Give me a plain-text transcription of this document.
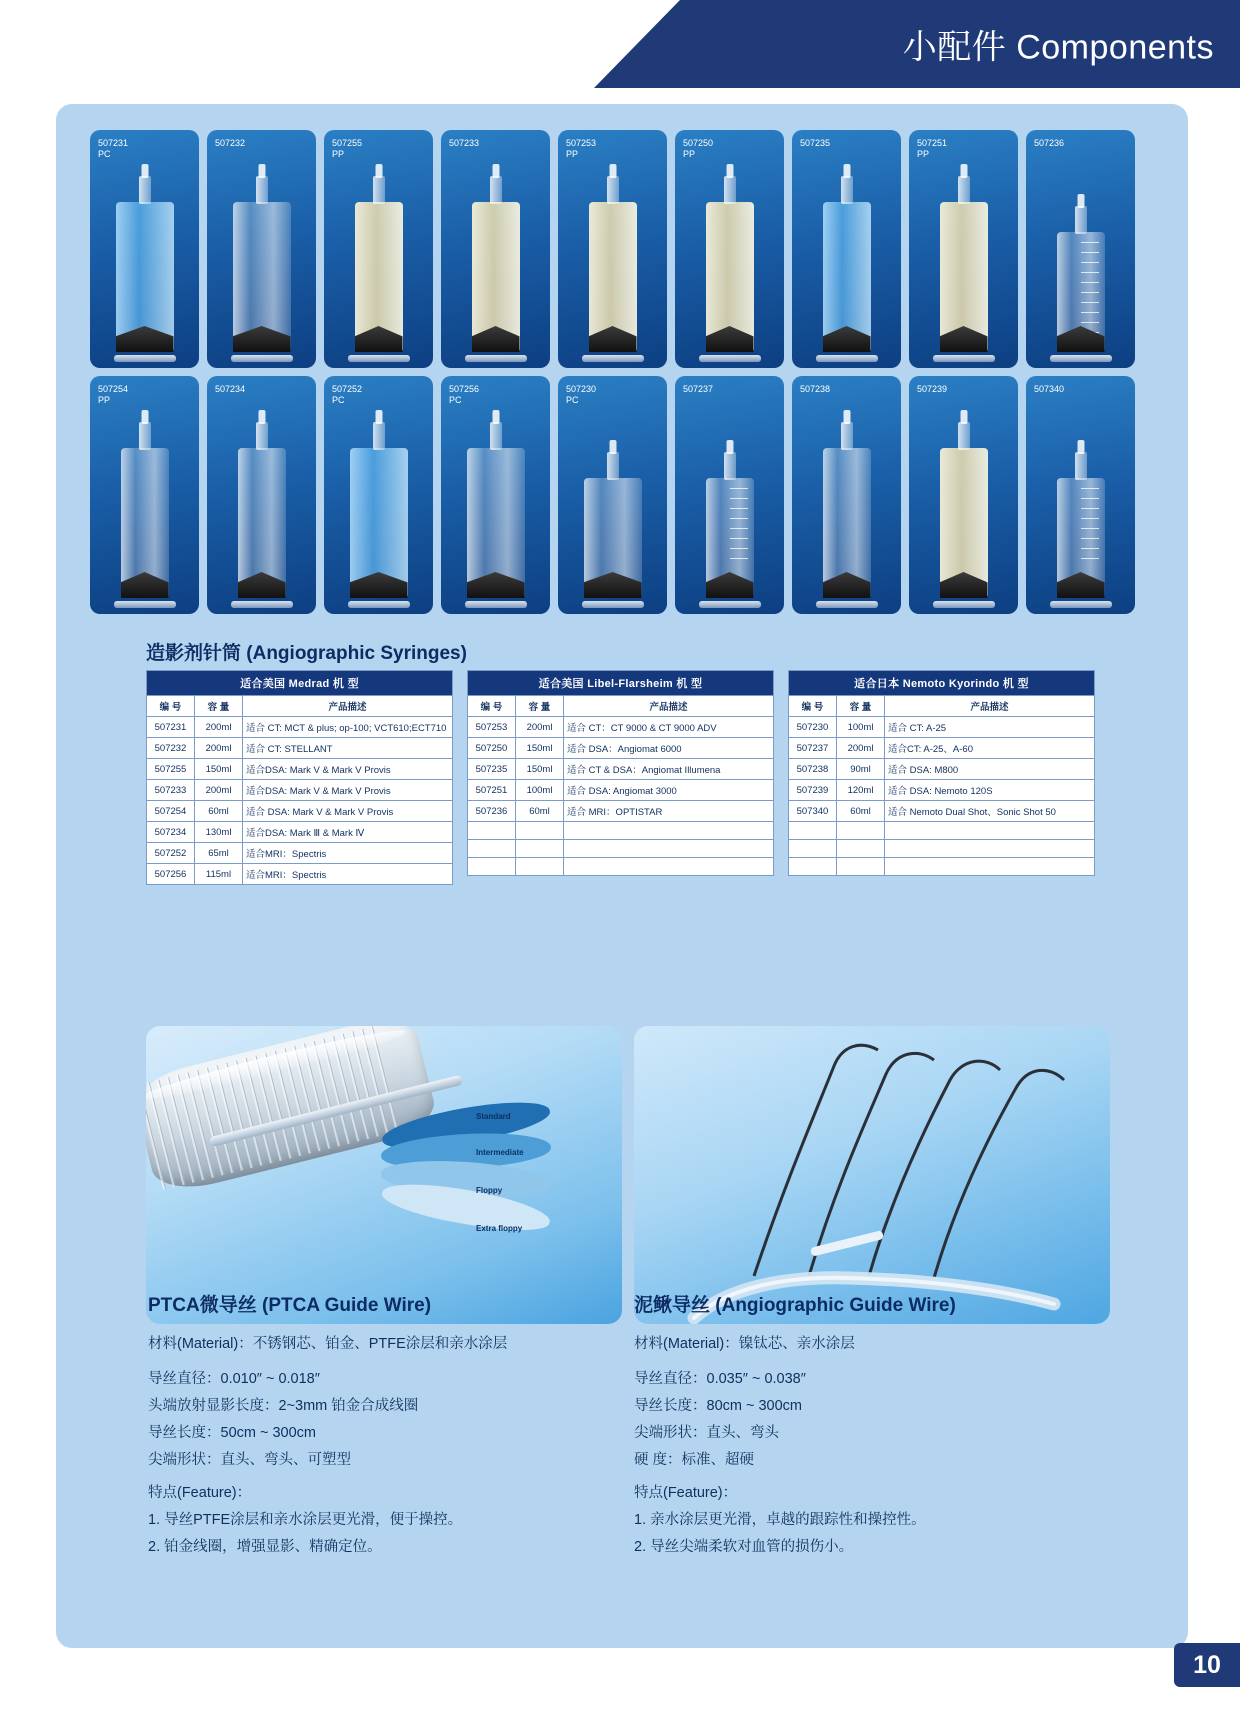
小配件 Components
507231
PC
507232	507255
PP
507233	507253
PP
507250
PP
507235	507251
PP
507236

507254
PP
507234	507252
PC
507256
PC
507230
PC
507237	507238	507239	507340

造影剂针筒 (Angiographic Syringes)
适合美国 Medrad 机 型		
编 号	容 量	产品描述
507231	200ml	适合 CT: MCT & plus; op-100; VCT610;ECT710
507232	200ml	适合 CT: STELLANT
507255	150ml	适合DSA: Mark V & Mark V Provis
507233	200ml	适合DSA: Mark V & Mark V Provis
507254	60ml	适合 DSA: Mark V & Mark V Provis
507234	130ml	适合DSA: Mark Ⅲ & Mark Ⅳ
507252	65ml	适合MRI：Spectris
507256	115ml	适合MRI：Spectris
适合美国 Libel-Flarsheim 机 型		
编 号	容 量	产品描述
507253	200ml	适合 CT：CT 9000 & CT 9000 ADV
507250	150ml	适合 DSA：Angiomat 6000
507235	150ml	适合 CT & DSA：Angiomat Illumena
507251	100ml	适合 DSA: Angiomat 3000
507236	60ml	适合 MRI：OPTISTAR

适合日本 Nemoto Kyorindo 机 型		
编 号	容 量	产品描述
507230	100ml	适合 CT: A-25
507237	200ml	适合CT: A-25、A-60
507238	90ml	适合 DSA: M800
507239	120ml	适合 DSA: Nemoto 120S
507340	60ml	适合 Nemoto Dual Shot、Sonic Shot 50

Standard
Intermediate
Floppy
Extra floppy
PTCA微导丝 (PTCA Guide Wire)
材料(Material)：不锈钢芯、铂金、PTFE涂层和亲水涂层
导丝直径：0.010″ ~ 0.018″
头端放射显影长度：2~3mm 铂金合成线圈
导丝长度：50cm ~ 300cm
尖端形状：直头、弯头、可塑型
特点(Feature)：
1. 导丝PTFE涂层和亲水涂层更光滑，便于操控。
2. 铂金线圈，增强显影、精确定位。
泥鳅导丝 (Angiographic Guide Wire)
材料(Material)：镍钛芯、亲水涂层
导丝直径：0.035″ ~ 0.038″
导丝长度：80cm ~ 300cm
尖端形状：直头、弯头
硬 度：标准、超硬
特点(Feature)：
1. 亲水涂层更光滑，卓越的跟踪性和操控性。
2. 导丝尖端柔软对血管的损伤小。
10
